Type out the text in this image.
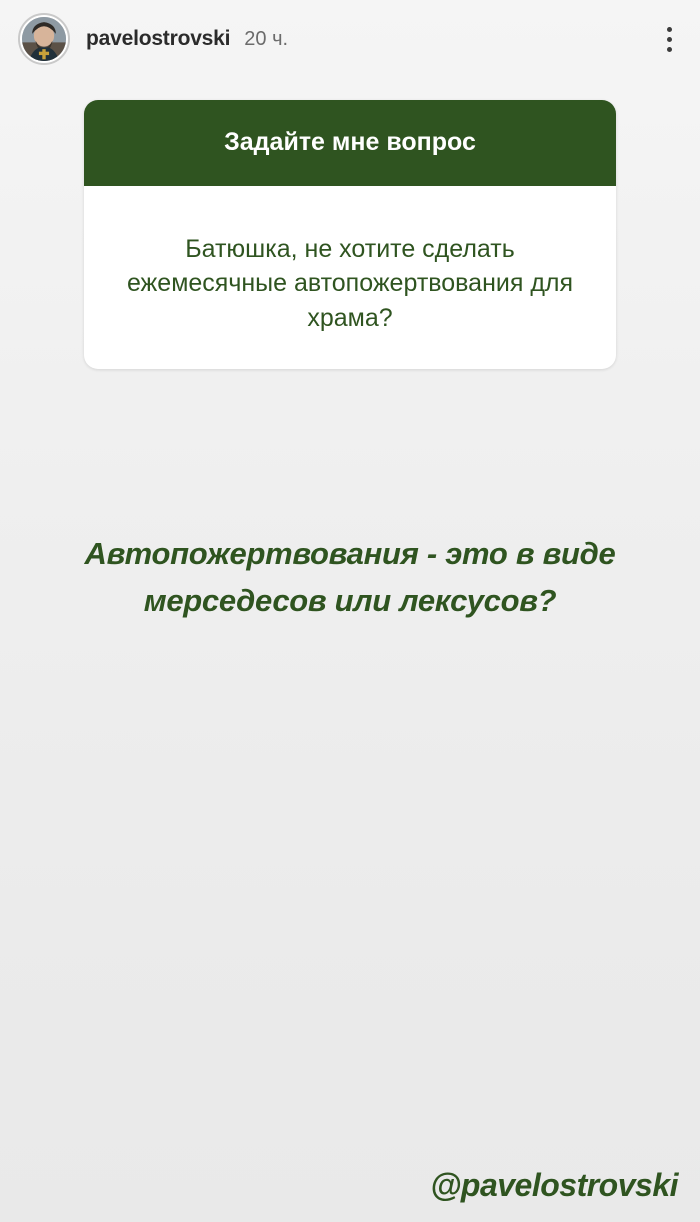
pavelostrovski 20 ч.
Задайте мне вопрос
Батюшка, не хотите сделать ежемесячные автопожертвования для храма?
Автопожертвования - это в виде мерседесов или лексусов?
@pavelostrovski
